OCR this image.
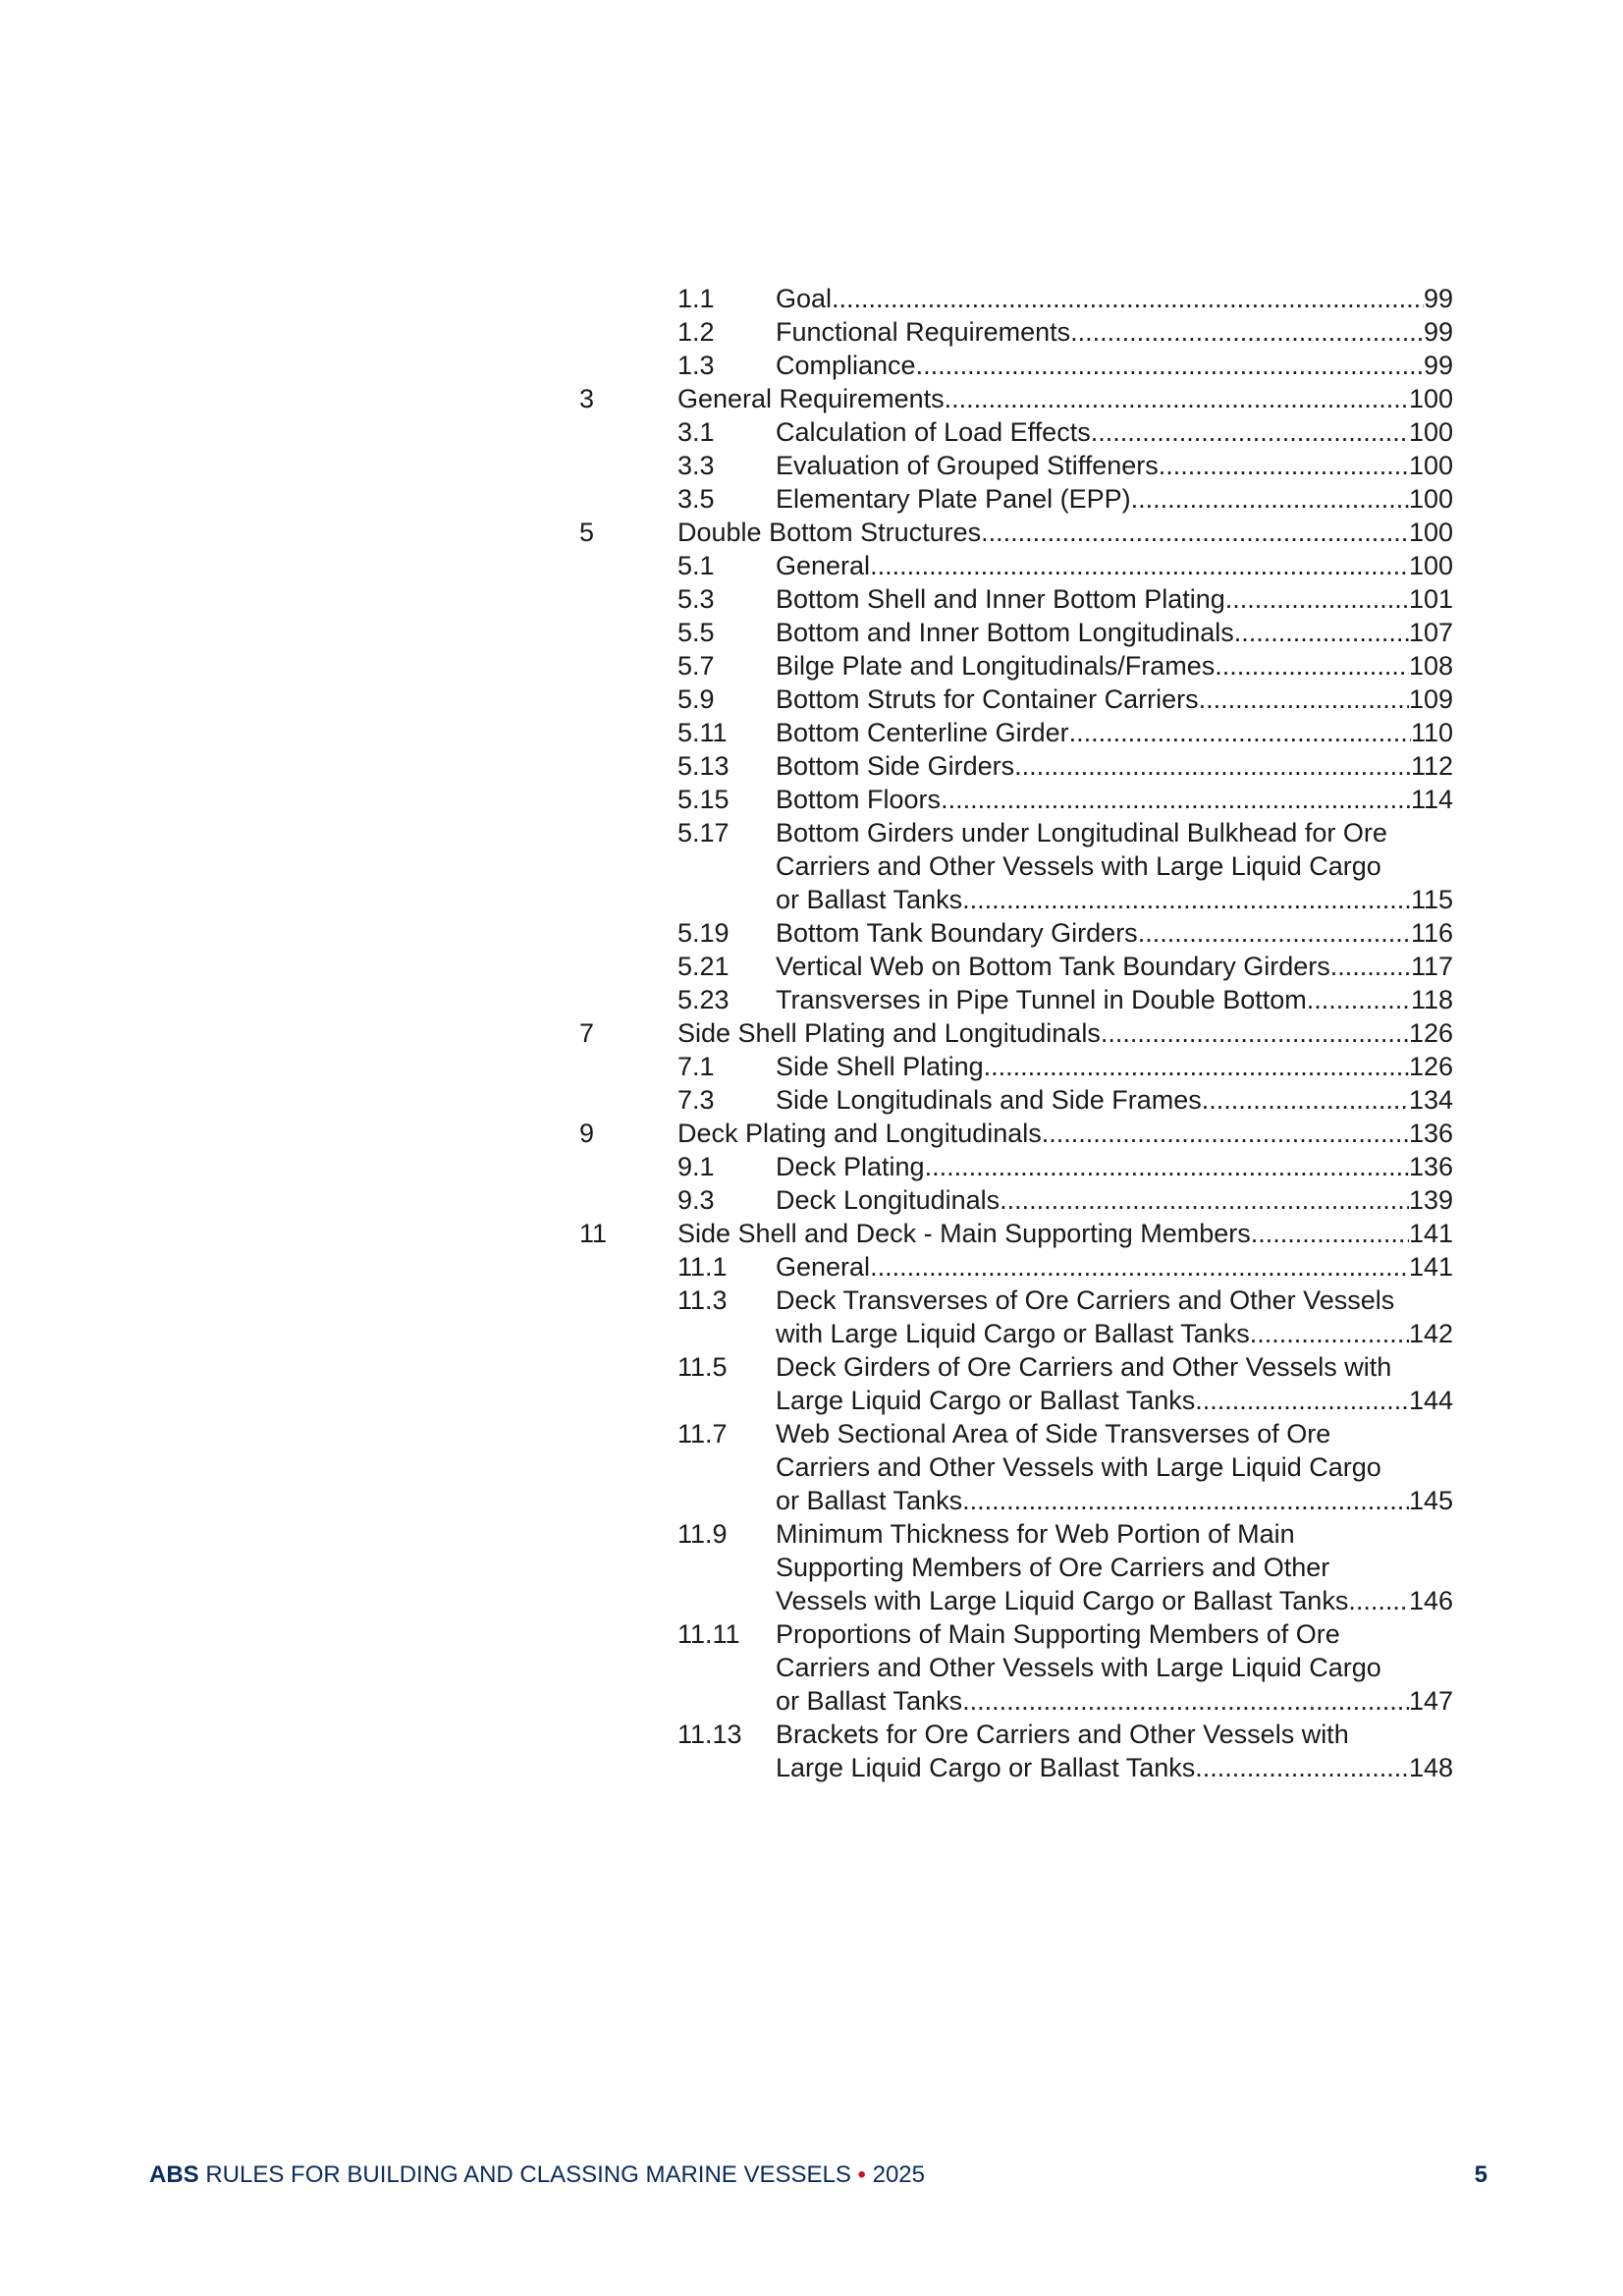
1.1 Goal .....	99
1.2 Functional Requirements .....	99
1.3 Compliance .....	99
3	General Requirements .....	100
3.1 Calculation of Load Effects .....	100
3.3 Evaluation of Grouped Stiffeners .....	100
3.5 Elementary Plate Panel (EPP) .....	100
5	Double Bottom Structures .....	100
5.1 General .....	100
5.3 Bottom Shell and Inner Bottom Plating .....	101
5.5 Bottom and Inner Bottom Longitudinals .....	107
5.7 Bilge Plate and Longitudinals/Frames .....	108
5.9 Bottom Struts for Container Carriers .....	109
5.11 Bottom Centerline Girder .....	110
5.13 Bottom Side Girders .....	112
5.15 Bottom Floors .....	114
5.17 Bottom Girders under Longitudinal Bulkhead for Ore
Carriers and Other Vessels with Large Liquid Cargo
or Ballast Tanks .....	115
5.19 Bottom Tank Boundary Girders .....	116
5.21 Vertical Web on Bottom Tank Boundary Girders .....	117
5.23 Transverses in Pipe Tunnel in Double Bottom .....	118
7	Side Shell Plating and Longitudinals .....	126
7.1 Side Shell Plating .....	126
7.3 Side Longitudinals and Side Frames .....	134
9	Deck Plating and Longitudinals .....	136
9.1 Deck Plating .....	136
9.3 Deck Longitudinals .....	139
11	Side Shell and Deck - Main Supporting Members .....	141
11.1 General .....	141
11.3 Deck Transverses of Ore Carriers and Other Vessels
with Large Liquid Cargo or Ballast Tanks .....	142
11.5 Deck Girders of Ore Carriers and Other Vessels with
Large Liquid Cargo or Ballast Tanks .....	144
11.7 Web Sectional Area of Side Transverses of Ore
Carriers and Other Vessels with Large Liquid Cargo
or Ballast Tanks .....	145
11.9 Minimum Thickness for Web Portion of Main
Supporting Members of Ore Carriers and Other
Vessels with Large Liquid Cargo or Ballast Tanks ..... 146
11.11 Proportions of Main Supporting Members of Ore
Carriers and Other Vessels with Large Liquid Cargo
or Ballast Tanks .....	147
11.13 Brackets for Ore Carriers and Other Vessels with
Large Liquid Cargo or Ballast Tanks .....	148
ABS RULES FOR BUILDING AND CLASSING MARINE VESSELS • 2025	5
